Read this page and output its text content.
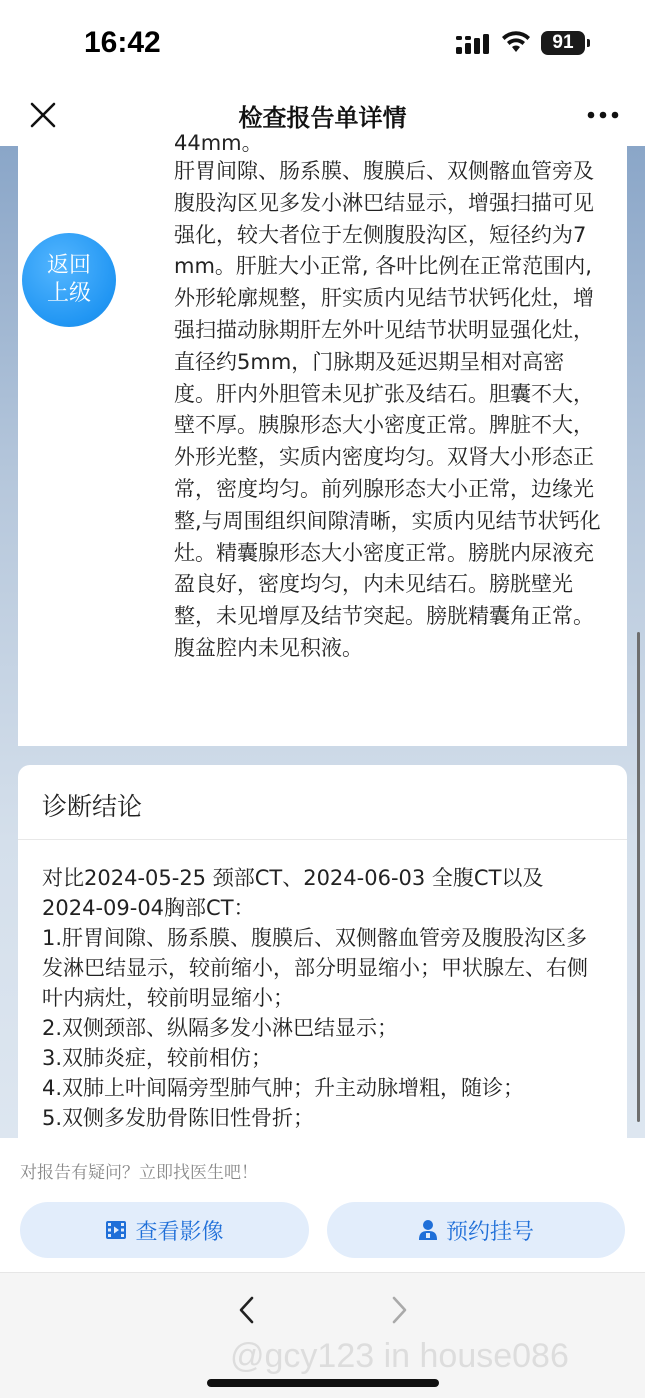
16:42	91
检查报告单详情
44mm。
肝胃间隙、肠系膜、腹膜后、双侧髂血管旁及腹股沟区见多发小淋巴结显示，增强扫描可见强化，较大者位于左侧腹股沟区，短径约为7mm。肝脏大小正常, 各叶比例在正常范围内, 外形轮廓规整，肝实质内见结节状钙化灶，增强扫描动脉期肝左外叶见结节状明显强化灶，直径约5mm，门脉期及延迟期呈相对高密度。肝内外胆管未见扩张及结石。胆囊不大，壁不厚。胰腺形态大小密度正常。脾脏不大，外形光整，实质内密度均匀。双肾大小形态正常，密度均匀。前列腺形态大小正常，边缘光整,与周围组织间隙清晰，实质内见结节状钙化灶。精囊腺形态大小密度正常。膀胱内尿液充盈良好，密度均匀，内未见结石。膀胱壁光整，未见增厚及结节突起。膀胱精囊角正常。腹盆腔内未见积液。
返回
上级
诊断结论

对比2024-05-25 颈部CT、2024-06-03 全腹CT以及2024-09-04胸部CT：

1.肝胃间隙、肠系膜、腹膜后、双侧髂血管旁及腹股沟区多发淋巴结显示，较前缩小，部分明显缩小；甲状腺左、右侧叶内病灶，较前明显缩小；

2.双侧颈部、纵隔多发小淋巴结显示；

3.双肺炎症，较前相仿；

4.双肺上叶间隔旁型肺气肿；升主动脉增粗，随诊；

5.双侧多发肋骨陈旧性骨折；

对报告有疑问？立即找医生吧！
查看影像	预约挂号
@gcy123 in house086
